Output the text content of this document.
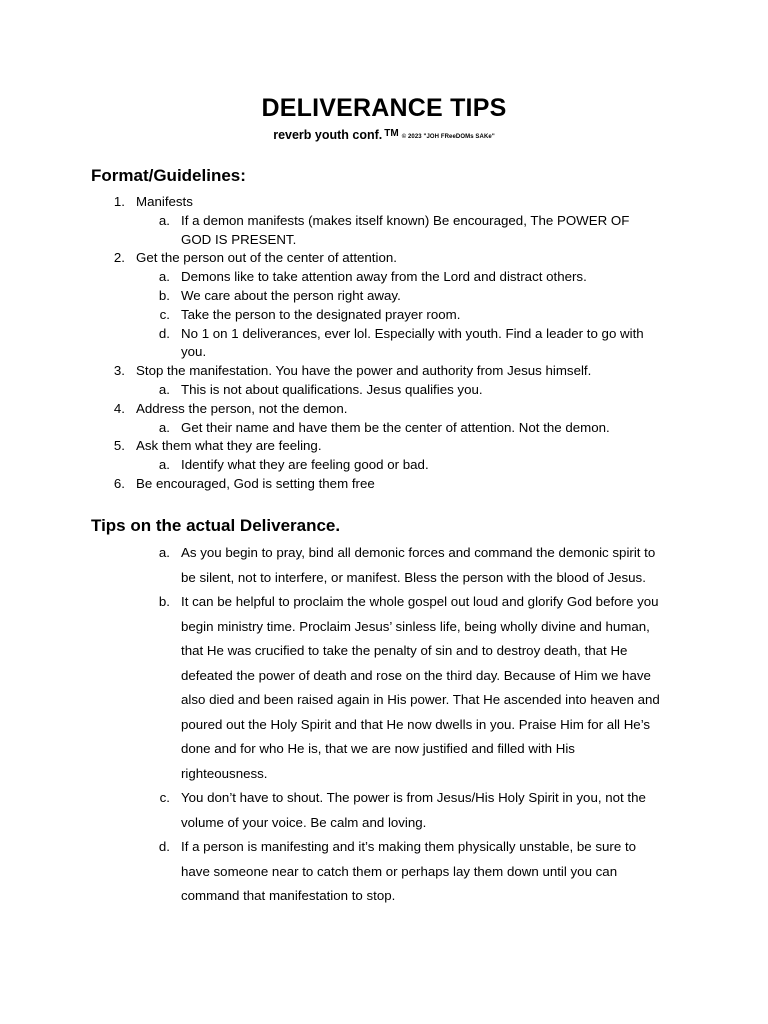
DELIVERANCE TIPS
reverb youth conf. ™ © 2023 "JOH FReeDOMs SAKe"
Format/Guidelines:
1. Manifests
a. If a demon manifests (makes itself known) Be encouraged, The POWER OF
GOD IS PRESENT.
2. Get the person out of the center of attention.
a. Demons like to take attention away from the Lord and distract others.
b. We care about the person right away.
c. Take the person to the designated prayer room.
d. No 1 on 1 deliverances, ever lol. Especially with youth. Find a leader to go with
you.
3. Stop the manifestation. You have the power and authority from Jesus himself.
a. This is not about qualifications. Jesus qualifies you.
4. Address the person, not the demon.
a. Get their name and have them be the center of attention. Not the demon.
5. Ask them what they are feeling.
a. Identify what they are feeling good or bad.
6. Be encouraged, God is setting them free
Tips on the actual Deliverance.
a. As you begin to pray, bind all demonic forces and command the demonic spirit to
be silent, not to interfere, or manifest. Bless the person with the blood of Jesus.
b. It can be helpful to proclaim the whole gospel out loud and glorify God before you
begin ministry time. Proclaim Jesus’ sinless life, being wholly divine and human,
that He was crucified to take the penalty of sin and to destroy death, that He
defeated the power of death and rose on the third day. Because of Him we have
also died and been raised again in His power. That He ascended into heaven and
poured out the Holy Spirit and that He now dwells in you. Praise Him for all He’s
done and for who He is, that we are now justified and filled with His
righteousness.
c. You don’t have to shout. The power is from Jesus/His Holy Spirit in you, not the
volume of your voice. Be calm and loving.
d. If a person is manifesting and it’s making them physically unstable, be sure to
have someone near to catch them or perhaps lay them down until you can
command that manifestation to stop.
